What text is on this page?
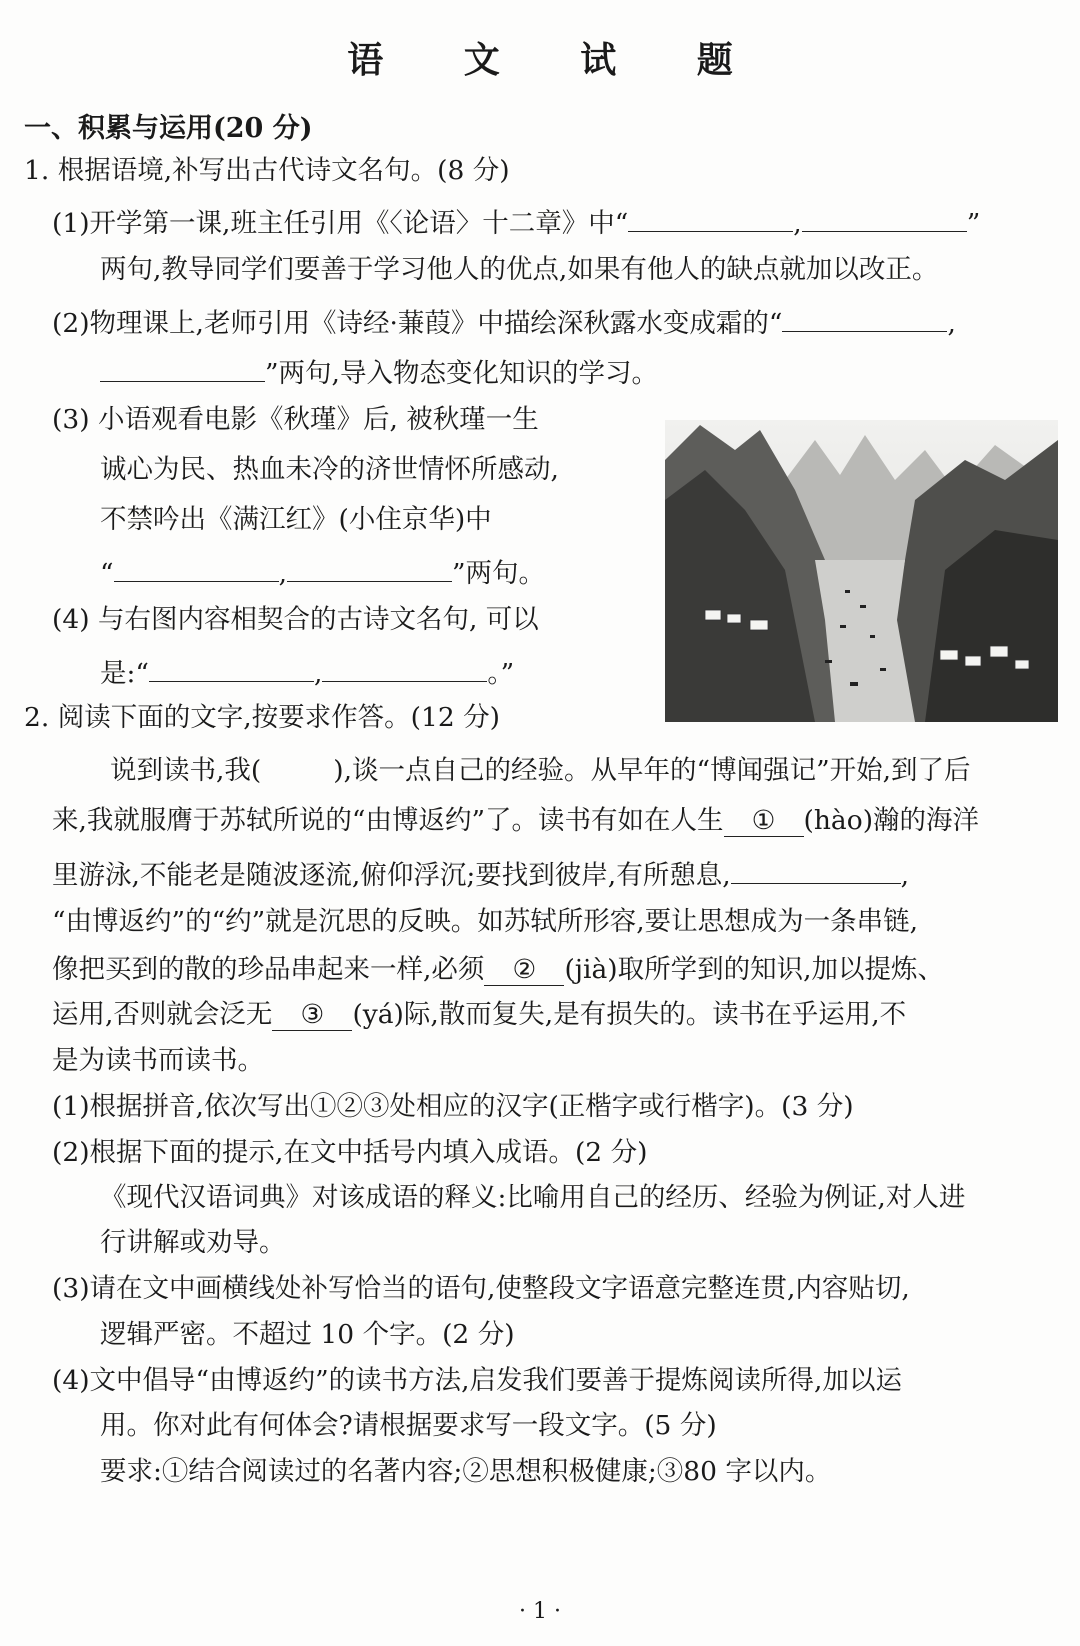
语 文 试 题
一、积累与运用(20 分)
1. 根据语境,补写出古代诗文名句。(8 分)
(1)开学第一课,班主任引用《〈论语〉十二章》中“	,	”
两句,教导同学们要善于学习他人的优点,如果有他人的缺点就加以改正。
(2)物理课上,老师引用《诗经·蒹葭》中描绘深秋露水变成霜的“	,
”两句,导入物态变化知识的学习。
(3) 小语观看电影《秋瑾》后, 被秋瑾一生
诚心为民、热血未冷的济世情怀所感动,
不禁吟出《满江红》(小住京华)中
“	,	”两句。
(4) 与右图内容相契合的古诗文名句, 可以
是:“	,	。”
2. 阅读下面的文字,按要求作答。(12 分)
说到读书,我(	),谈一点自己的经验。从早年的“博闻强记”开始,到了后
来,我就服膺于苏轼所说的“由博返约”了。读书有如在人生 ① (hào)瀚的海洋
里游泳,不能老是随波逐流,俯仰浮沉;要找到彼岸,有所憩息,	,
“由博返约”的“约”就是沉思的反映。如苏轼所形容,要让思想成为一条串链,
像把买到的散的珍品串起来一样,必须 ② (jià)取所学到的知识,加以提炼、
运用,否则就会泛无 ③ (yá)际,散而复失,是有损失的。读书在乎运用,不
是为读书而读书。
(1)根据拼音,依次写出①②③处相应的汉字(正楷字或行楷字)。(3 分)
(2)根据下面的提示,在文中括号内填入成语。(2 分)
《现代汉语词典》对该成语的释义:比喻用自己的经历、经验为例证,对人进
行讲解或劝导。
(3)请在文中画横线处补写恰当的语句,使整段文字语意完整连贯,内容贴切,
逻辑严密。不超过 10 个字。(2 分)
(4)文中倡导“由博返约”的读书方法,启发我们要善于提炼阅读所得,加以运
用。你对此有何体会?请根据要求写一段文字。(5 分)
要求:①结合阅读过的名著内容;②思想积极健康;③80 字以内。
· 1 ·
